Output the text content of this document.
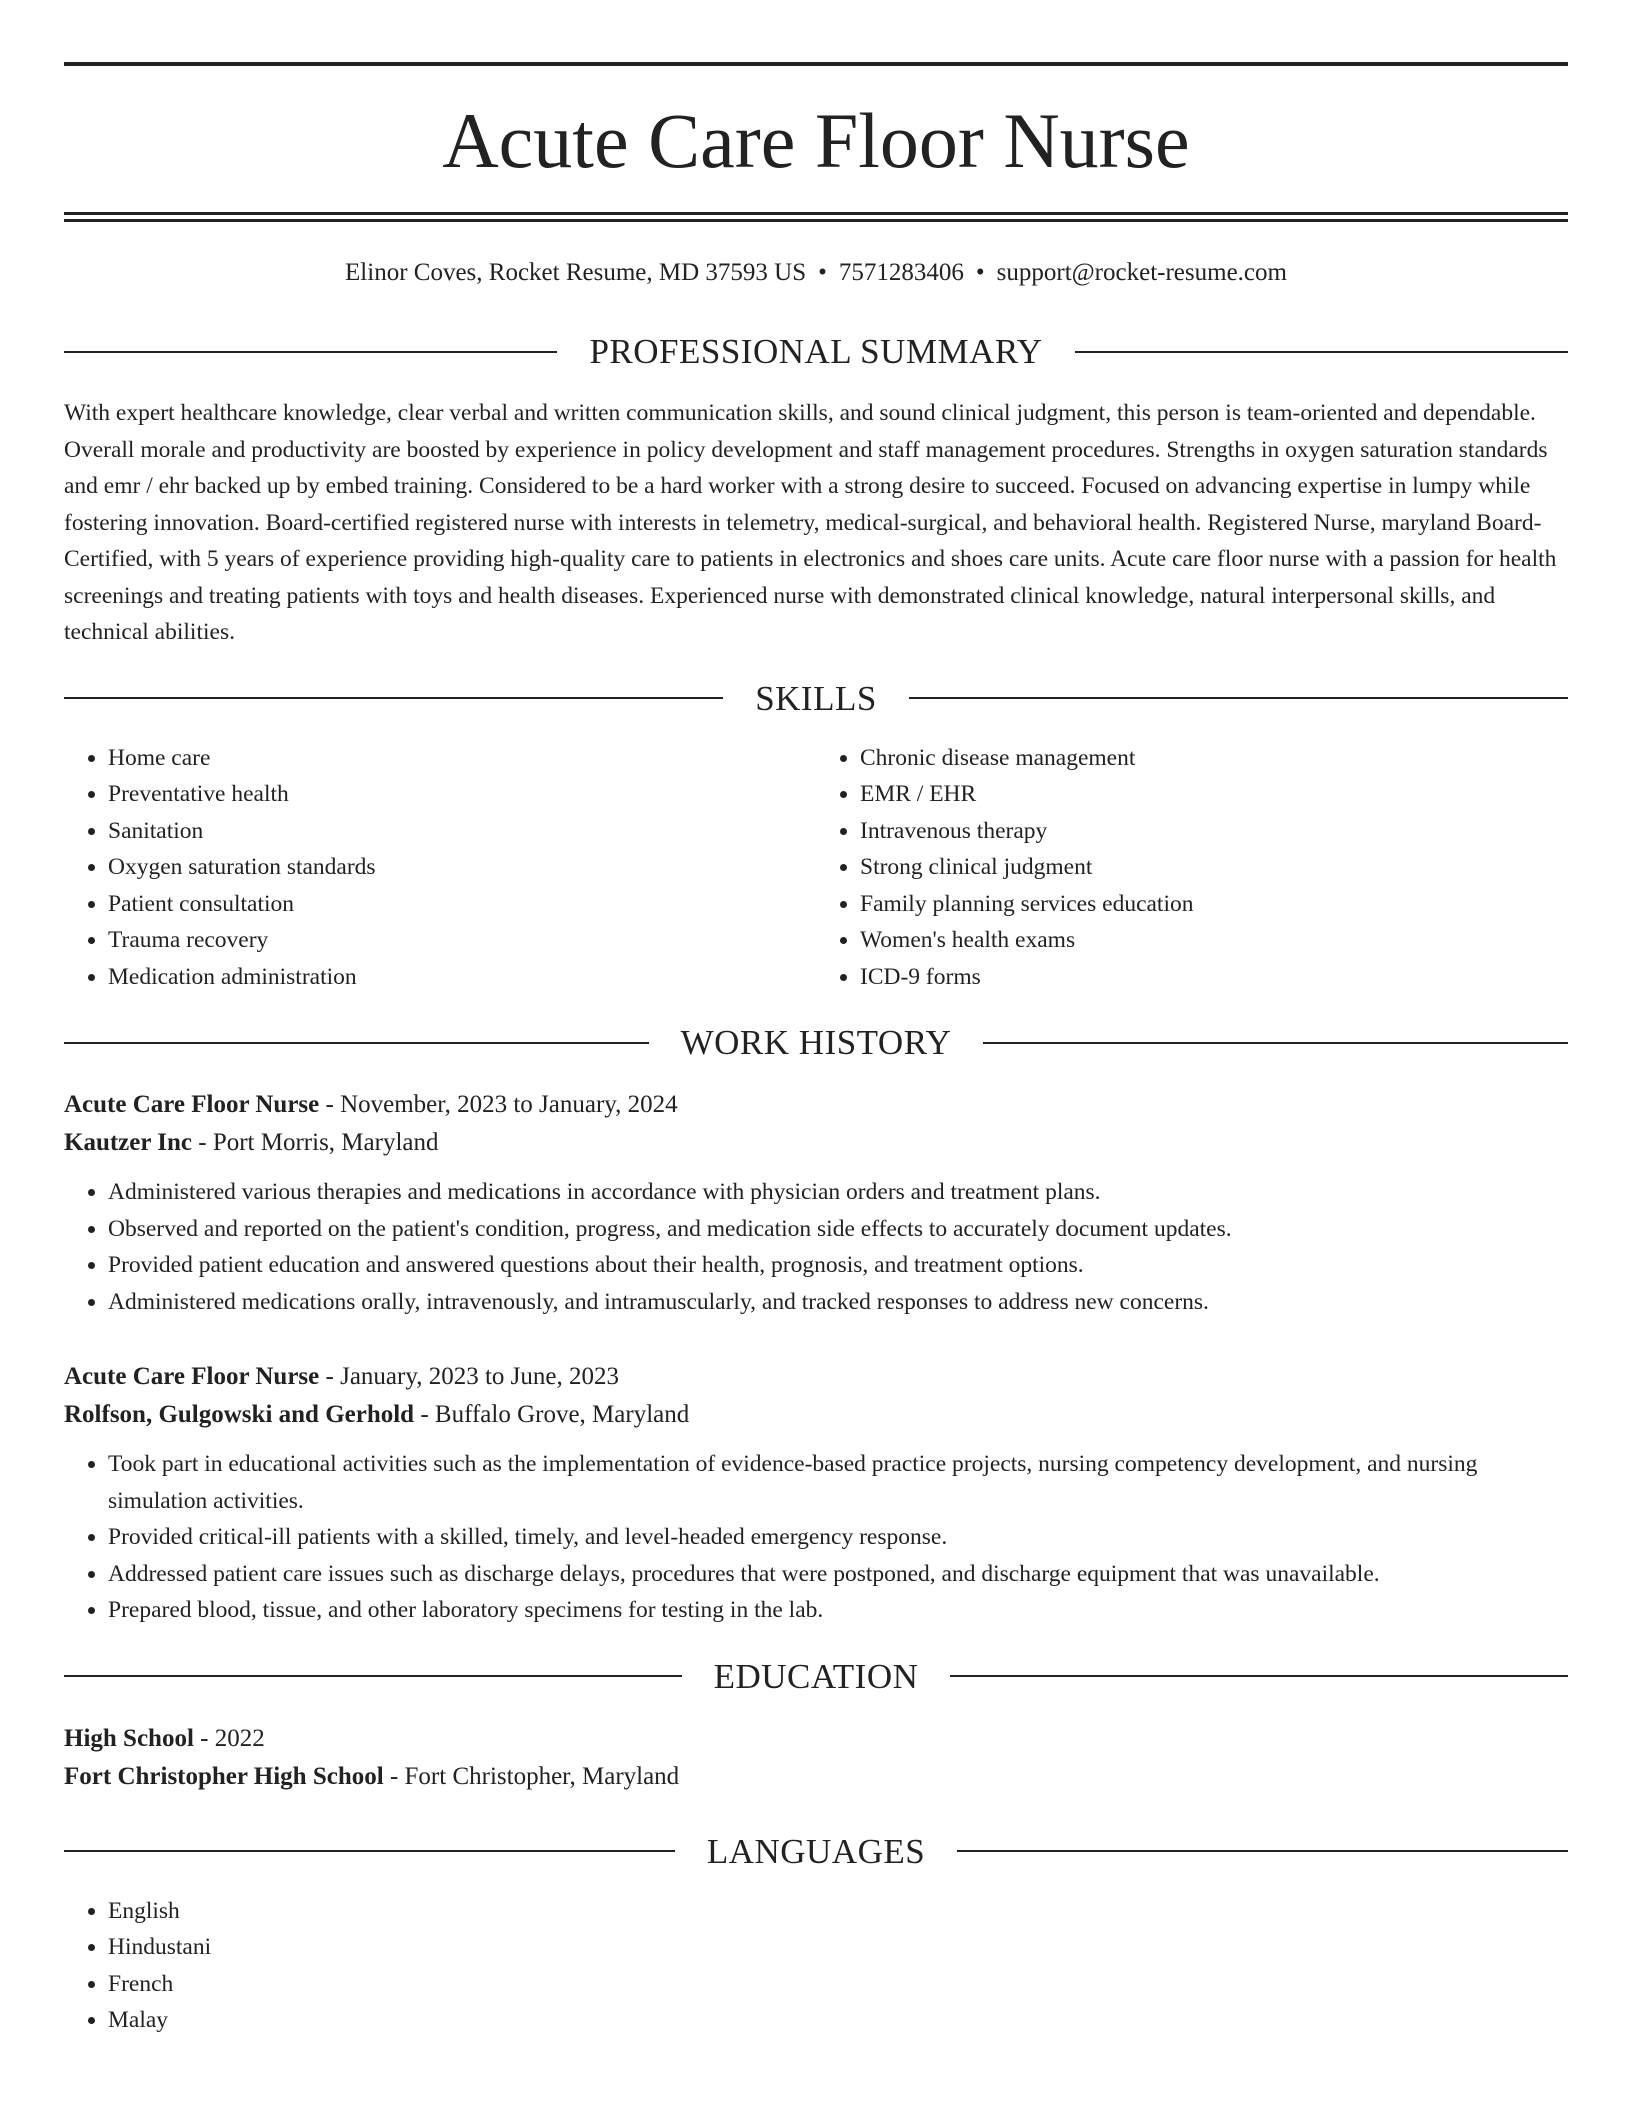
Acute Care Floor Nurse
Elinor Coves, Rocket Resume, MD 37593 US • 7571283406 • support@rocket-resume.com
PROFESSIONAL SUMMARY

With expert healthcare knowledge, clear verbal and written communication skills, and sound clinical judgment, this person is team-oriented and dependable. Overall morale and productivity are boosted by experience in policy development and staff management procedures. Strengths in oxygen saturation standards and emr / ehr backed up by embed training. Considered to be a hard worker with a strong desire to succeed. Focused on advancing expertise in lumpy while fostering innovation. Board-certified registered nurse with interests in telemetry, medical-surgical, and behavioral health. Registered Nurse, maryland Board-Certified, with 5 years of experience providing high-quality care to patients in electronics and shoes care units. Acute care floor nurse with a passion for health screenings and treating patients with toys and health diseases. Experienced nurse with demonstrated clinical knowledge, natural interpersonal skills, and technical abilities.

SKILLS
• Home care
• Preventative health
• Sanitation
• Oxygen saturation standards
• Patient consultation
• Trauma recovery
• Medication administration
• Chronic disease management
• EMR / EHR
• Intravenous therapy
• Strong clinical judgment
• Family planning services education
• Women's health exams
• ICD-9 forms
WORK HISTORY
Acute Care Floor Nurse - November, 2023 to January, 2024
Kautzer Inc - Port Morris, Maryland
• Administered various therapies and medications in accordance with physician orders and treatment plans.
• Observed and reported on the patient's condition, progress, and medication side effects to accurately document updates.
• Provided patient education and answered questions about their health, prognosis, and treatment options.
• Administered medications orally, intravenously, and intramuscularly, and tracked responses to address new concerns.
Acute Care Floor Nurse - January, 2023 to June, 2023
Rolfson, Gulgowski and Gerhold - Buffalo Grove, Maryland
• Took part in educational activities such as the implementation of evidence-based practice projects, nursing competency development, and nursing simulation activities.
• Provided critical-ill patients with a skilled, timely, and level-headed emergency response.
• Addressed patient care issues such as discharge delays, procedures that were postponed, and discharge equipment that was unavailable.
• Prepared blood, tissue, and other laboratory specimens for testing in the lab.
EDUCATION
High School - 2022
Fort Christopher High School - Fort Christopher, Maryland
LANGUAGES
• English
• Hindustani
• French
• Malay
